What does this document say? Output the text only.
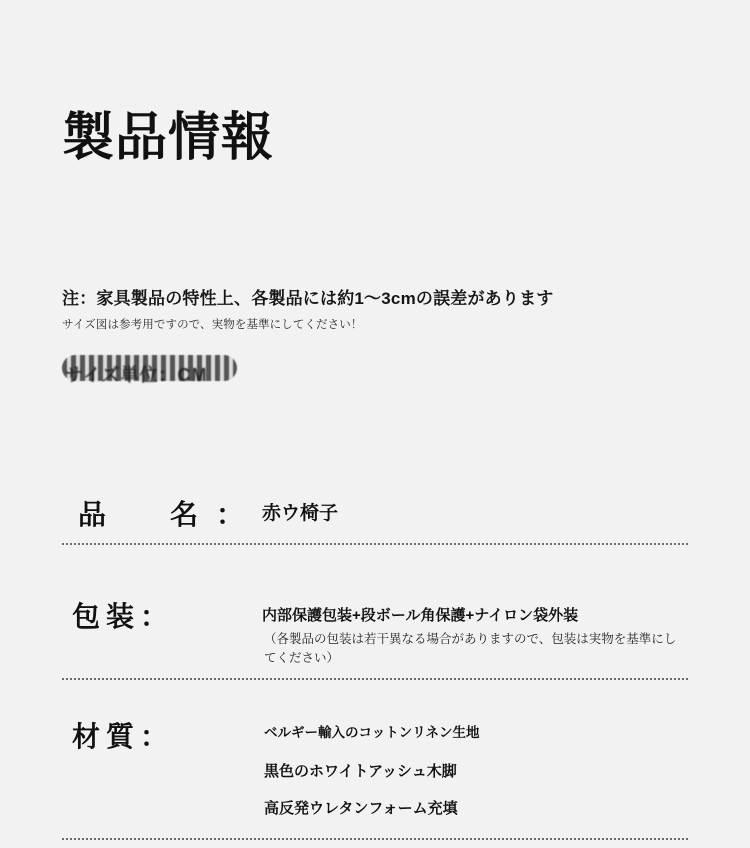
製品情報
注：家具製品の特性上、各製品には約1〜3cmの誤差があります
サイズ図は参考用ですので、実物を基準にしてください！
サイズ単位：CM
品　名： 赤ウ椅子
包装：	内部保護包装+段ボール角保護+ナイロン袋外装
（各製品の包装は若干異なる場合がありますので、包装は実物を基準にしてください）
材質：	ベルギー輸入のコットンリネン生地
黒色のホワイトアッシュ木脚
高反発ウレタンフォーム充填
